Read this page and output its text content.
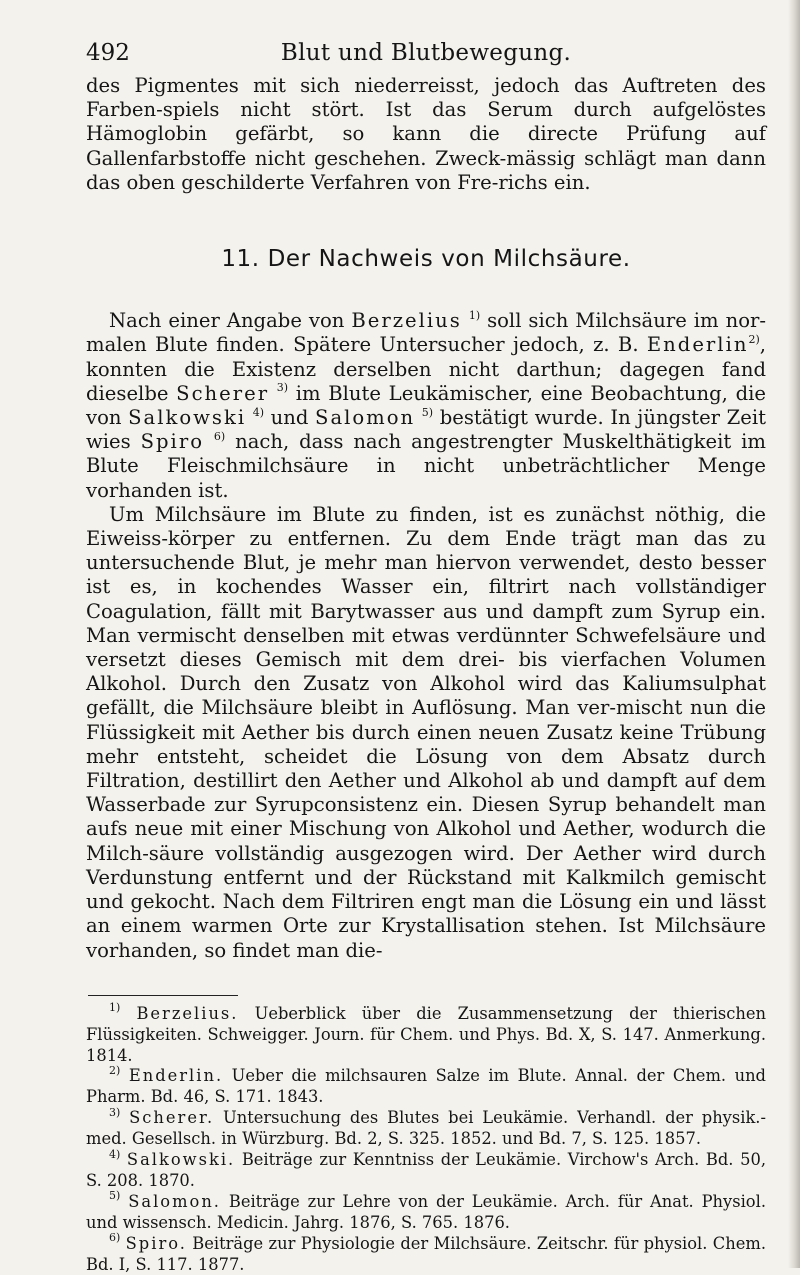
492	Blut und Blutbewegung.

des Pigmentes mit sich niederreisst, jedoch das Auftreten des Farben-spiels nicht stört. Ist das Serum durch aufgelöstes Hämoglobin gefärbt, so kann die directe Prüfung auf Gallenfarbstoffe nicht geschehen. Zweck-mässig schlägt man dann das oben geschilderte Verfahren von Fre-richs ein.

11. Der Nachweis von Milchsäure.

Nach einer Angabe von Berzelius $^{1)}$ soll sich Milchsäure im nor-malen Blute finden. Spätere Untersucher jedoch, z. B. Enderlin$^{2)}$, konnten die Existenz derselben nicht darthun; dagegen fand dieselbe Scherer $^{3)}$ im Blute Leukämischer, eine Beobachtung, die von Salkowski $^{4)}$ und Salomon $^{5)}$ bestätigt wurde. In jüngster Zeit wies Spiro $^{6)}$ nach, dass nach angestrengter Muskelthätigkeit im Blute Fleischmilchsäure in nicht unbeträchtlicher Menge vorhanden ist.

Um Milchsäure im Blute zu finden, ist es zunächst nöthig, die Eiweiss-körper zu entfernen. Zu dem Ende trägt man das zu untersuchende Blut, je mehr man hiervon verwendet, desto besser ist es, in kochendes Wasser ein, filtrirt nach vollständiger Coagulation, fällt mit Barytwasser aus und dampft zum Syrup ein. Man vermischt denselben mit etwas verdünnter Schwefelsäure und versetzt dieses Gemisch mit dem drei- bis vierfachen Volumen Alkohol. Durch den Zusatz von Alkohol wird das Kaliumsulphat gefällt, die Milchsäure bleibt in Auflösung. Man ver-mischt nun die Flüssigkeit mit Aether bis durch einen neuen Zusatz keine Trübung mehr entsteht, scheidet die Lösung von dem Absatz durch Filtration, destillirt den Aether und Alkohol ab und dampft auf dem Wasserbade zur Syrupconsistenz ein. Diesen Syrup behandelt man aufs neue mit einer Mischung von Alkohol und Aether, wodurch die Milch-säure vollständig ausgezogen wird. Der Aether wird durch Verdunstung entfernt und der Rückstand mit Kalkmilch gemischt und gekocht. Nach dem Filtriren engt man die Lösung ein und lässt an einem warmen Orte zur Krystallisation stehen. Ist Milchsäure vorhanden, so findet man die-

$^{1)}$ Berzelius. Ueberblick über die Zusammensetzung der thierischen Flüssigkeiten. Schweigger. Journ. für Chem. und Phys. Bd. X, S. 147. Anmerkung. 1814.

$^{2)}$ Enderlin. Ueber die milchsauren Salze im Blute. Annal. der Chem. und Pharm. Bd. 46, S. 171. 1843.

$^{3)}$ Scherer. Untersuchung des Blutes bei Leukämie. Verhandl. der physik.-med. Gesellsch. in Würzburg. Bd. 2, S. 325. 1852. und Bd. 7, S. 125. 1857.

$^{4)}$ Salkowski. Beiträge zur Kenntniss der Leukämie. Virchow's Arch. Bd. 50, S. 208. 1870.

$^{5)}$ Salomon. Beiträge zur Lehre von der Leukämie. Arch. für Anat. Physiol. und wissensch. Medicin. Jahrg. 1876, S. 765. 1876.

$^{6)}$ Spiro. Beiträge zur Physiologie der Milchsäure. Zeitschr. für physiol. Chem. Bd. I, S. 117. 1877.
